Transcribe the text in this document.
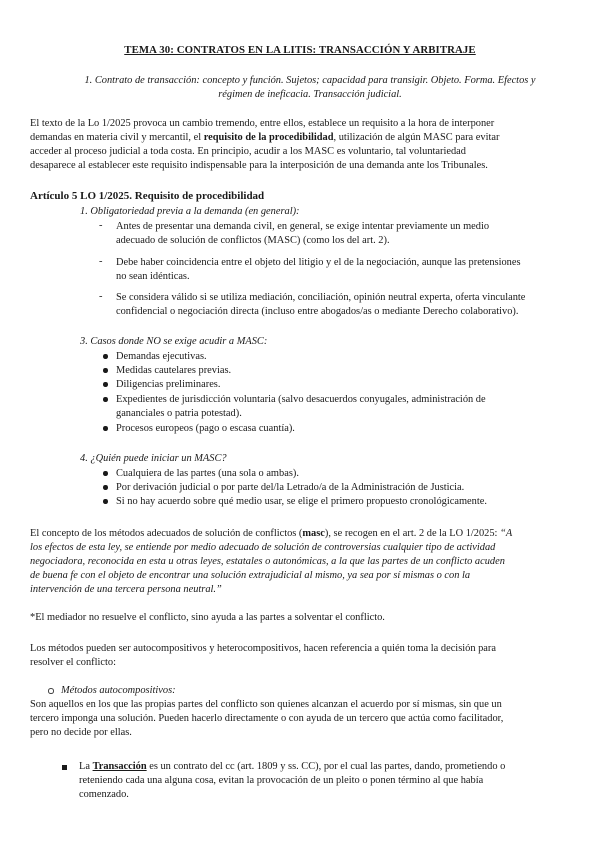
TEMA 30: CONTRATOS EN LA LITIS: TRANSACCIÓN Y ARBITRAJE
1. Contrato de transacción: concepto y función. Sujetos; capacidad para transigir. Objeto. Forma. Efectos y
régimen de ineficacia. Transacción judicial.
El texto de la Lo 1/2025 provoca un cambio tremendo, entre ellos, establece un requisito a la hora de interponer
demandas en materia civil y mercantil, el requisito de la procedibilidad, utilización de algún MASC para evitar
acceder al proceso judicial a toda costa. En principio, acudir a los MASC es voluntario, tal voluntariedad
desaparece al establecer este requisito indispensable para la interposición de una demanda ante los Tribunales.
Artículo 5 LO 1/2025. Requisito de procedibilidad
1. Obligatoriedad previa a la demanda (en general):
- Antes de presentar una demanda civil, en general, se exige intentar previamente un medio
adecuado de solución de conflictos (MASC) (como los del art. 2).
- Debe haber coincidencia entre el objeto del litigio y el de la negociación, aunque las pretensiones
no sean idénticas.
- Se considera válido si se utiliza mediación, conciliación, opinión neutral experta, oferta vinculante
confidencial o negociación directa (incluso entre abogados/as o mediante Derecho colaborativo).
3. Casos donde NO se exige acudir a MASC:
Demandas ejecutivas.
Medidas cautelares previas.
Diligencias preliminares.
Expedientes de jurisdicción voluntaria (salvo desacuerdos conyugales, administración de
gananciales o patria potestad).
Procesos europeos (pago o escasa cuantía).
4. ¿Quién puede iniciar un MASC?
Cualquiera de las partes (una sola o ambas).
Por derivación judicial o por parte del/la Letrado/a de la Administración de Justicia.
Si no hay acuerdo sobre qué medio usar, se elige el primero propuesto cronológicamente.
El concepto de los métodos adecuados de solución de conflictos (masc), se recogen en el art. 2 de la LO 1/2025: “A
los efectos de esta ley, se entiende por medio adecuado de solución de controversias cualquier tipo de actividad
negociadora, reconocida en esta u otras leyes, estatales o autonómicas, a la que las partes de un conflicto acuden
de buena fe con el objeto de encontrar una solución extrajudicial al mismo, ya sea por sí mismas o con la
intervención de una tercera persona neutral.”
*El mediador no resuelve el conflicto, sino ayuda a las partes a solventar el conflicto.
Los métodos pueden ser autocompositivos y heterocompositivos, hacen referencia a quién toma la decisión para
resolver el conflicto:
Métodos autocompositivos:
Son aquellos en los que las propias partes del conflicto son quienes alcanzan el acuerdo por sí mismas, sin que un
tercero imponga una solución. Pueden hacerlo directamente o con ayuda de un tercero que actúa como facilitador,
pero no decide por ellas.
La Transacción es un contrato del cc (art. 1809 y ss. CC), por el cual las partes, dando, prometiendo o
reteniendo cada una alguna cosa, evitan la provocación de un pleito o ponen término al que había
comenzado.
